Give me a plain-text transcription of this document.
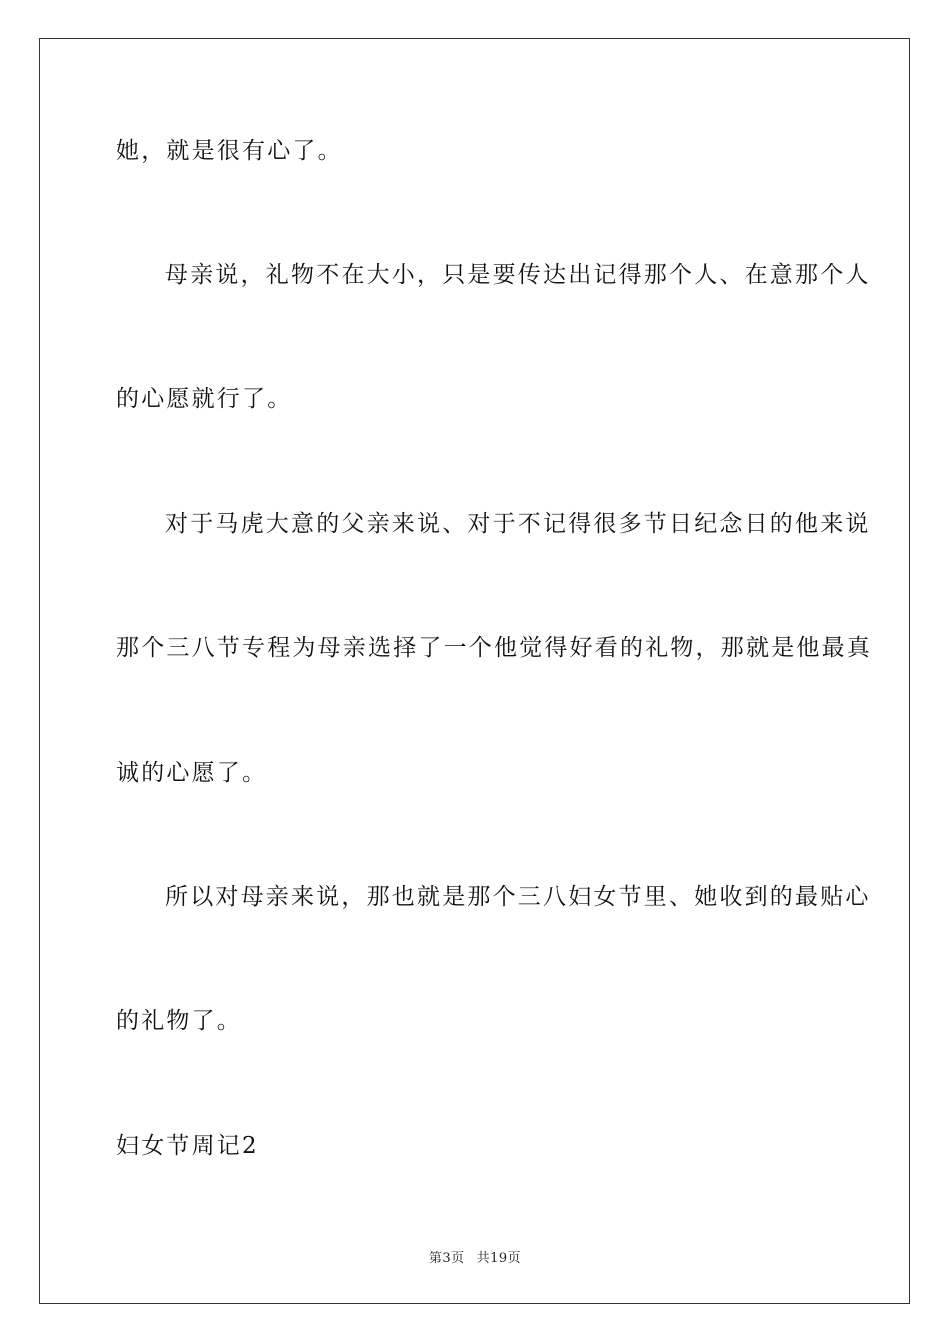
她，就是很有心了。
母亲说，礼物不在大小，只是要传达出记得那个人、在意那个人
的心愿就行了。
对于马虎大意的父亲来说、对于不记得很多节日纪念日的他来说
那个三八节专程为母亲选择了一个他觉得好看的礼物，那就是他最真
诚的心愿了。
所以对母亲来说，那也就是那个三八妇女节里、她收到的最贴心
的礼物了。
妇女节周记2
第3页 共19页
